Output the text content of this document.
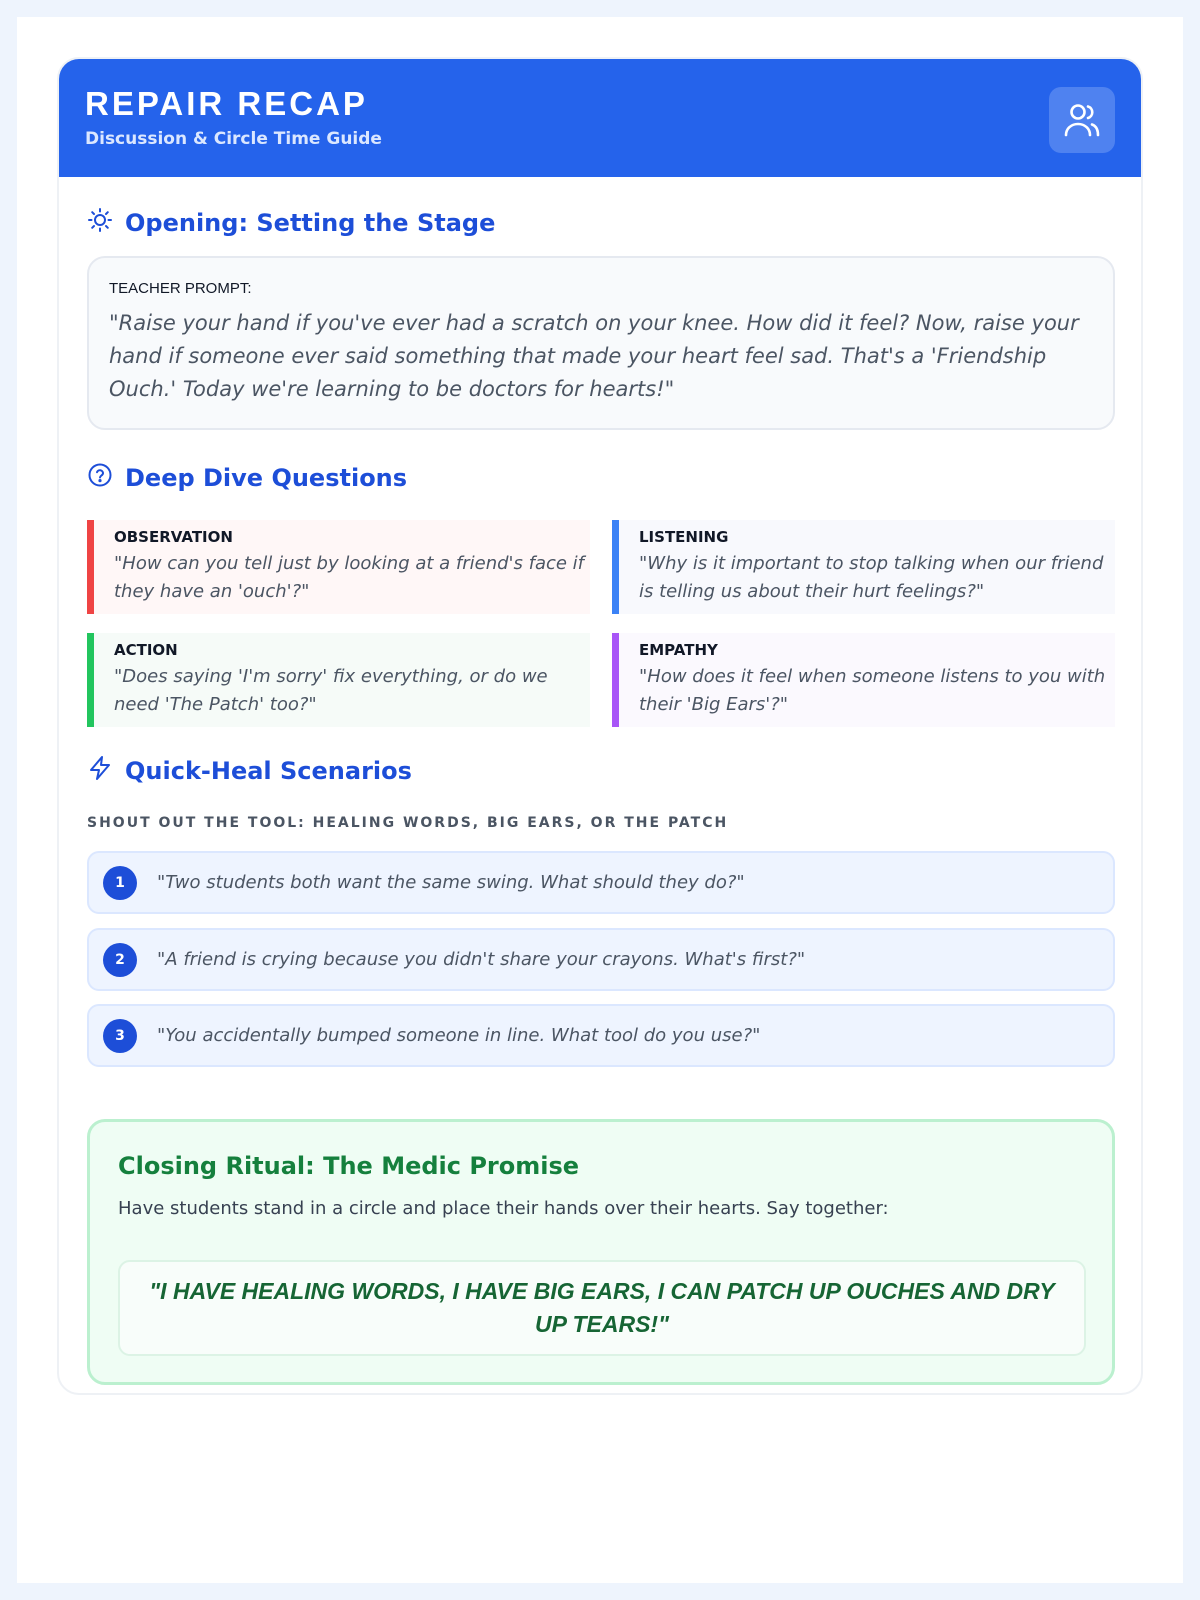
REPAIR RECAP
Discussion & Circle Time Guide
Opening: Setting the Stage
TEACHER PROMPT:
"Raise your hand if you've ever had a scratch on your knee. How did it feel? Now, raise your hand if someone ever said something that made your heart feel sad. That's a 'Friendship Ouch.' Today we're learning to be doctors for hearts!"
Deep Dive Questions
OBSERVATION
"How can you tell just by looking at a friend's face if they have an 'ouch'?"
LISTENING
"Why is it important to stop talking when our friend is telling us about their hurt feelings?"
ACTION
"Does saying 'I'm sorry' fix everything, or do we need 'The Patch' too?"
EMPATHY
"How does it feel when someone listens to you with their 'Big Ears'?"
Quick-Heal Scenarios
SHOUT OUT THE TOOL: HEALING WORDS, BIG EARS, OR THE PATCH
1	"Two students both want the same swing. What should they do?"
2	"A friend is crying because you didn't share your crayons. What's first?"
3	"You accidentally bumped someone in line. What tool do you use?"
Closing Ritual: The Medic Promise
Have students stand in a circle and place their hands over their hearts. Say together:
"I HAVE HEALING WORDS, I HAVE BIG EARS, I CAN PATCH UP OUCHES AND DRY UP TEARS!"
